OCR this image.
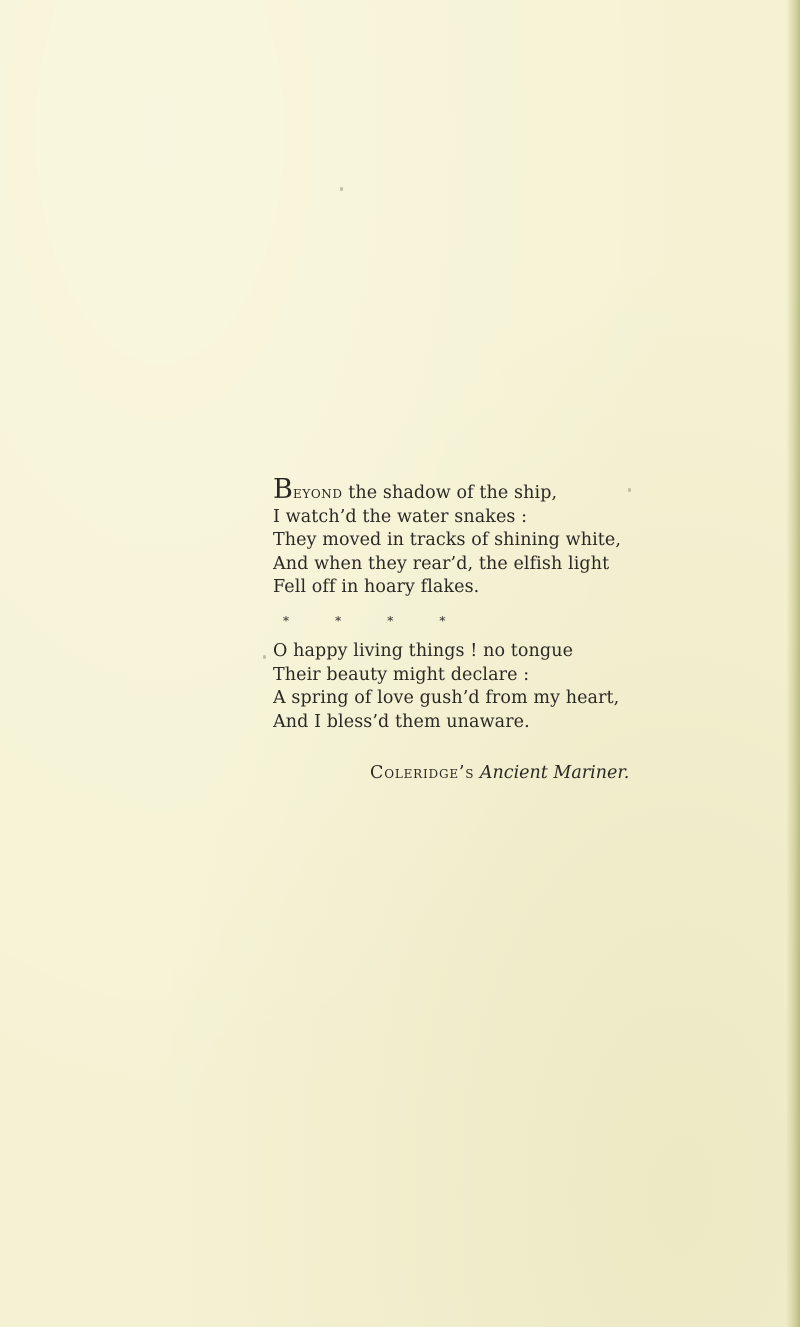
Beyond the shadow of the ship,

I watch’d the water snakes :

They moved in tracks of shining white,

And when they rear’d, the elfish light

Fell off in hoary flakes.

*	*	*	*

O happy living things ! no tongue

Their beauty might declare :

A spring of love gush’d from my heart,

And I bless’d them unaware.

Coleridge’s Ancient Mariner.
